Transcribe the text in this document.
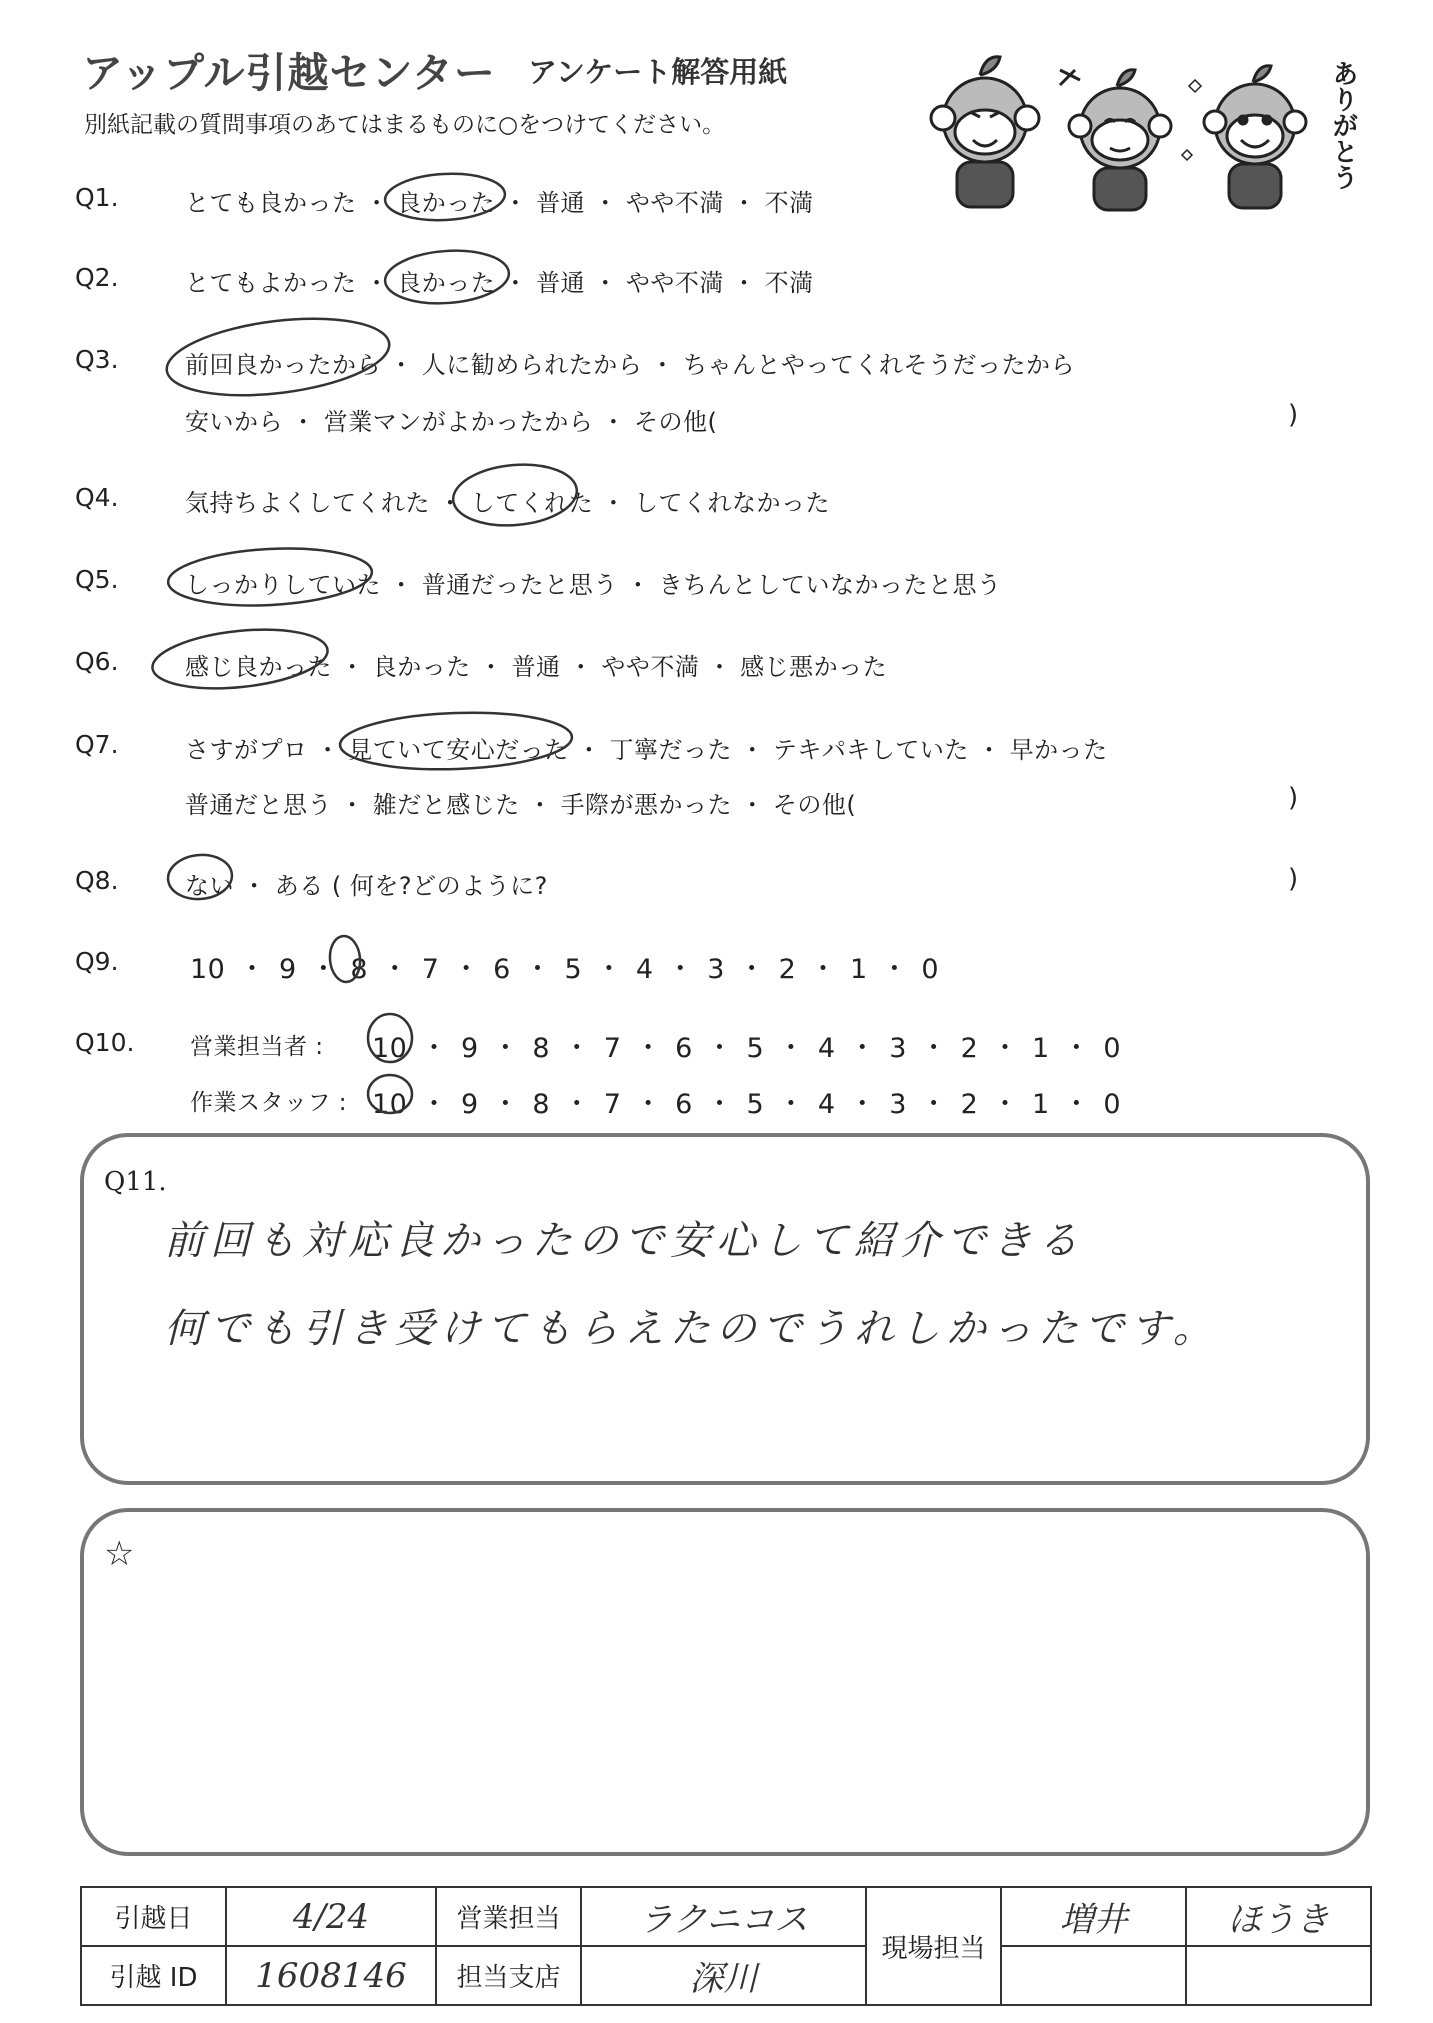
アップル引越センター アンケート解答用紙
別紙記載の質問事項のあてはまるものに○をつけてください。	ありがとう
Q1.	とても良かった ・ 良かった ・ 普通 ・ やや不満 ・ 不満
Q2.	とてもよかった ・ 良かった ・ 普通 ・ やや不満 ・ 不満
Q3.	前回良かったから ・ 人に勧められたから ・ ちゃんとやってくれそうだったから
安いから ・ 営業マンがよかったから ・ その他(	)
Q4.	気持ちよくしてくれた ・ してくれた ・ してくれなかった
Q5.	しっかりしていた ・ 普通だったと思う ・ きちんとしていなかったと思う
Q6.	感じ良かった ・ 良かった ・ 普通 ・ やや不満 ・ 感じ悪かった
Q7.	さすがプロ ・ 見ていて安心だった ・ 丁寧だった ・ テキパキしていた ・ 早かった
普通だと思う ・ 雑だと感じた ・ 手際が悪かった ・ その他(	)
Q8.	ない ・ ある ( 何を?どのように?	)
Q9.	10 ・ 9 ・ 8 ・ 7 ・ 6 ・ 5 ・ 4 ・ 3 ・ 2 ・ 1 ・ 0
Q10. 営業担当者 : 10 ・ 9 ・ 8 ・ 7 ・ 6 ・ 5 ・ 4 ・ 3 ・ 2 ・ 1 ・ 0
作業スタッフ : 10 ・ 9 ・ 8 ・ 7 ・ 6 ・ 5 ・ 4 ・ 3 ・ 2 ・ 1 ・ 0
Q11.
前回も対応良かったので安心して紹介できる
何でも引き受けてもらえたのでうれしかったです。
☆
引越日	4/24	営業担当	ラクニコス	現場担当	増井	ほうき
引越 ID	1608146	担当支店	深川			
